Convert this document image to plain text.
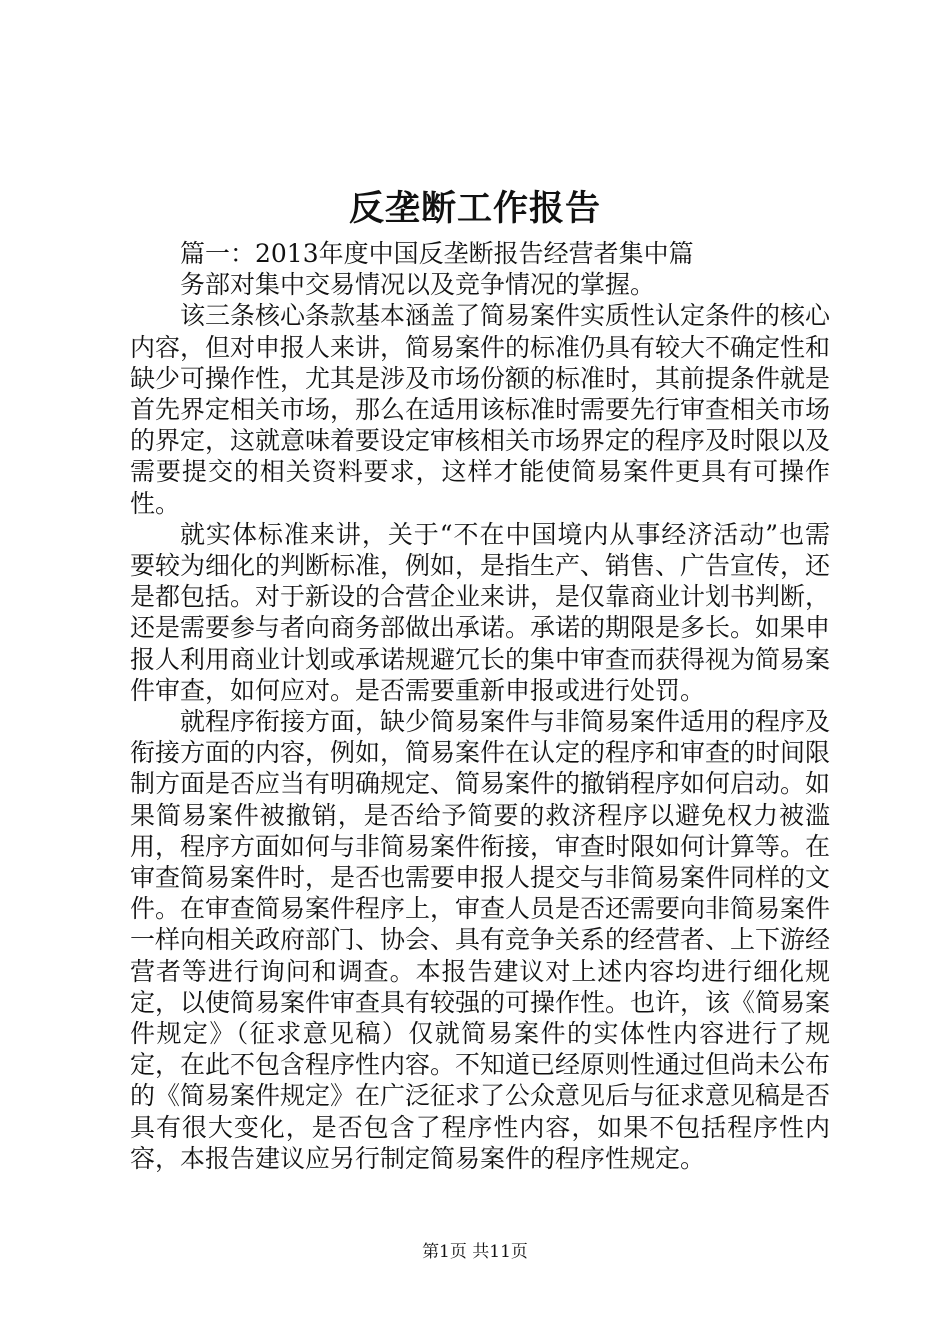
反垄断工作报告

篇一：2013年度中国反垄断报告经营者集中篇

务部对集中交易情况以及竞争情况的掌握。

该三条核心条款基本涵盖了简易案件实质性认定条件的核心内容，但对申报人来讲，简易案件的标准仍具有较大不确定性和缺少可操作性，尤其是涉及市场份额的标准时，其前提条件就是首先界定相关市场，那么在适用该标准时需要先行审查相关市场的界定，这就意味着要设定审核相关市场界定的程序及时限以及需要提交的相关资料要求，这样才能使简易案件更具有可操作性。

就实体标准来讲，关于“不在中国境内从事经济活动”也需要较为细化的判断标准，例如，是指生产、销售、广告宣传，还是都包括。对于新设的合营企业来讲，是仅靠商业计划书判断，还是需要参与者向商务部做出承诺。承诺的期限是多长。如果申报人利用商业计划或承诺规避冗长的集中审查而获得视为简易案件审查，如何应对。是否需要重新申报或进行处罚。

就程序衔接方面，缺少简易案件与非简易案件适用的程序及衔接方面的内容，例如，简易案件在认定的程序和审查的时间限制方面是否应当有明确规定、简易案件的撤销程序如何启动。如果简易案件被撤销，是否给予简要的救济程序以避免权力被滥用，程序方面如何与非简易案件衔接，审查时限如何计算等。在审查简易案件时，是否也需要申报人提交与非简易案件同样的文件。在审查简易案件程序上，审查人员是否还需要向非简易案件一样向相关政府部门、协会、具有竞争关系的经营者、上下游经营者等进行询问和调查。本报告建议对上述内容均进行细化规定，以使简易案件审查具有较强的可操作性。也许，该《简易案件规定》（征求意见稿）仅就简易案件的实体性内容进行了规定，在此不包含程序性内容。不知道已经原则性通过但尚未公布的《简易案件规定》在广泛征求了公众意见后与征求意见稿是否具有很大变化，是否包含了程序性内容，如果不包括程序性内容，本报告建议应另行制定简易案件的程序性规定。

第1页 共11页
